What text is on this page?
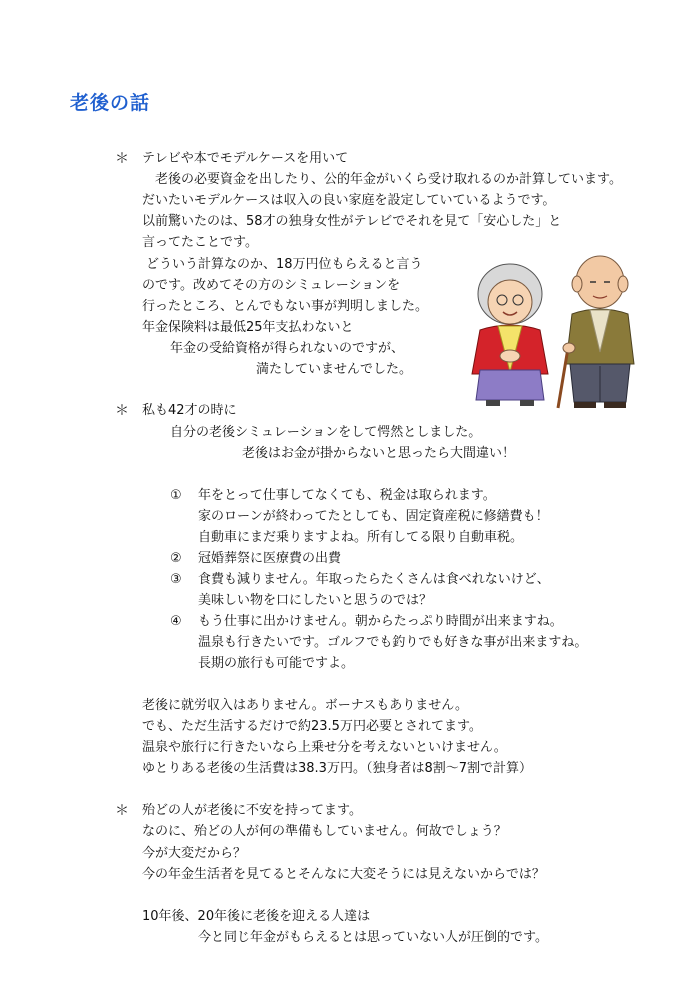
老後の話
＊ テレビや本でモデルケースを用いて
老後の必要資金を出したり、公的年金がいくら受け取れるのか計算しています。
だいたいモデルケースは収入の良い家庭を設定していているようです。
以前驚いたのは、58才の独身女性がテレビでそれを見て「安心した」と
言ってたことです。
どういう計算なのか、18万円位もらえると言う
のです。改めてその方のシミュレーションを
行ったところ、とんでもない事が判明しました。
年金保険料は最低25年支払わないと
年金の受給資格が得られないのですが、
満たしていませんでした。
＊ 私も42才の時に
自分の老後シミュレーションをして愕然としました。
老後はお金が掛からないと思ったら大間違い！
① 年をとって仕事してなくても、税金は取られます。
家のローンが終わってたとしても、固定資産税に修繕費も！
自動車にまだ乗りますよね。所有してる限り自動車税。
② 冠婚葬祭に医療費の出費
③ 食費も減りません。年取ったらたくさんは食べれないけど、
美味しい物を口にしたいと思うのでは？
④ もう仕事に出かけません。朝からたっぷり時間が出来ますね。
温泉も行きたいです。ゴルフでも釣りでも好きな事が出来ますね。
長期の旅行も可能ですよ。
老後に就労収入はありません。ボーナスもありません。
でも、ただ生活するだけで約23.5万円必要とされてます。
温泉や旅行に行きたいなら上乗せ分を考えないといけません。
ゆとりある老後の生活費は38.3万円。（独身者は8割〜7割で計算）
＊ 殆どの人が老後に不安を持ってます。
なのに、殆どの人が何の準備もしていません。何故でしょう？
今が大変だから？
今の年金生活者を見てるとそんなに大変そうには見えないからでは？
10年後、20年後に老後を迎える人達は
今と同じ年金がもらえるとは思っていない人が圧倒的です。
